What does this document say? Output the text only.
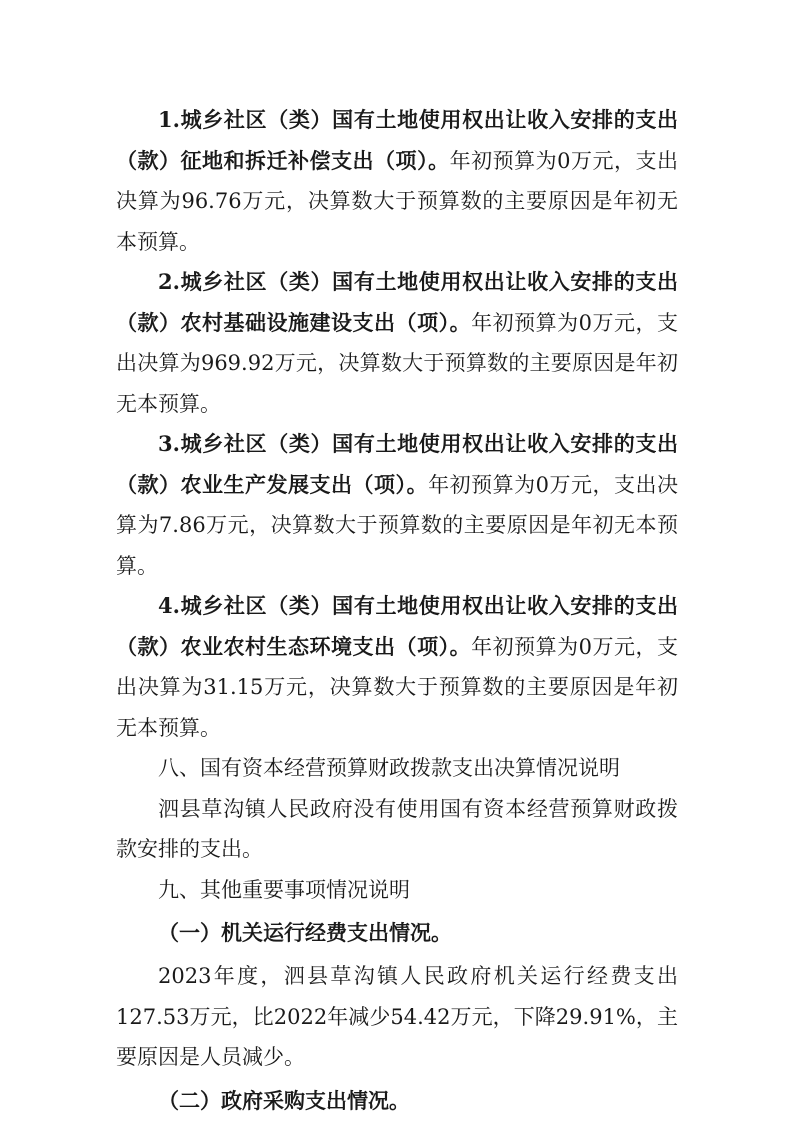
1.城乡社区（类）国有土地使用权出让收入安排的支出（款）征地和拆迁补偿支出（项）。年初预算为0万元，支出决算为96.76万元，决算数大于预算数的主要原因是年初无本预算。

2.城乡社区（类）国有土地使用权出让收入安排的支出（款）农村基础设施建设支出（项）。年初预算为0万元，支出决算为969.92万元，决算数大于预算数的主要原因是年初无本预算。

3.城乡社区（类）国有土地使用权出让收入安排的支出（款）农业生产发展支出（项）。年初预算为0万元，支出决算为7.86万元，决算数大于预算数的主要原因是年初无本预算。

4.城乡社区（类）国有土地使用权出让收入安排的支出（款）农业农村生态环境支出（项）。年初预算为0万元，支出决算为31.15万元，决算数大于预算数的主要原因是年初无本预算。

八、国有资本经营预算财政拨款支出决算情况说明

泗县草沟镇人民政府没有使用国有资本经营预算财政拨款安排的支出。

九、其他重要事项情况说明

（一）机关运行经费支出情况。

2023年度，泗县草沟镇人民政府机关运行经费支出127.53万元，比2022年减少54.42万元，下降29.91%，主要原因是人员减少。

（二）政府采购支出情况。
